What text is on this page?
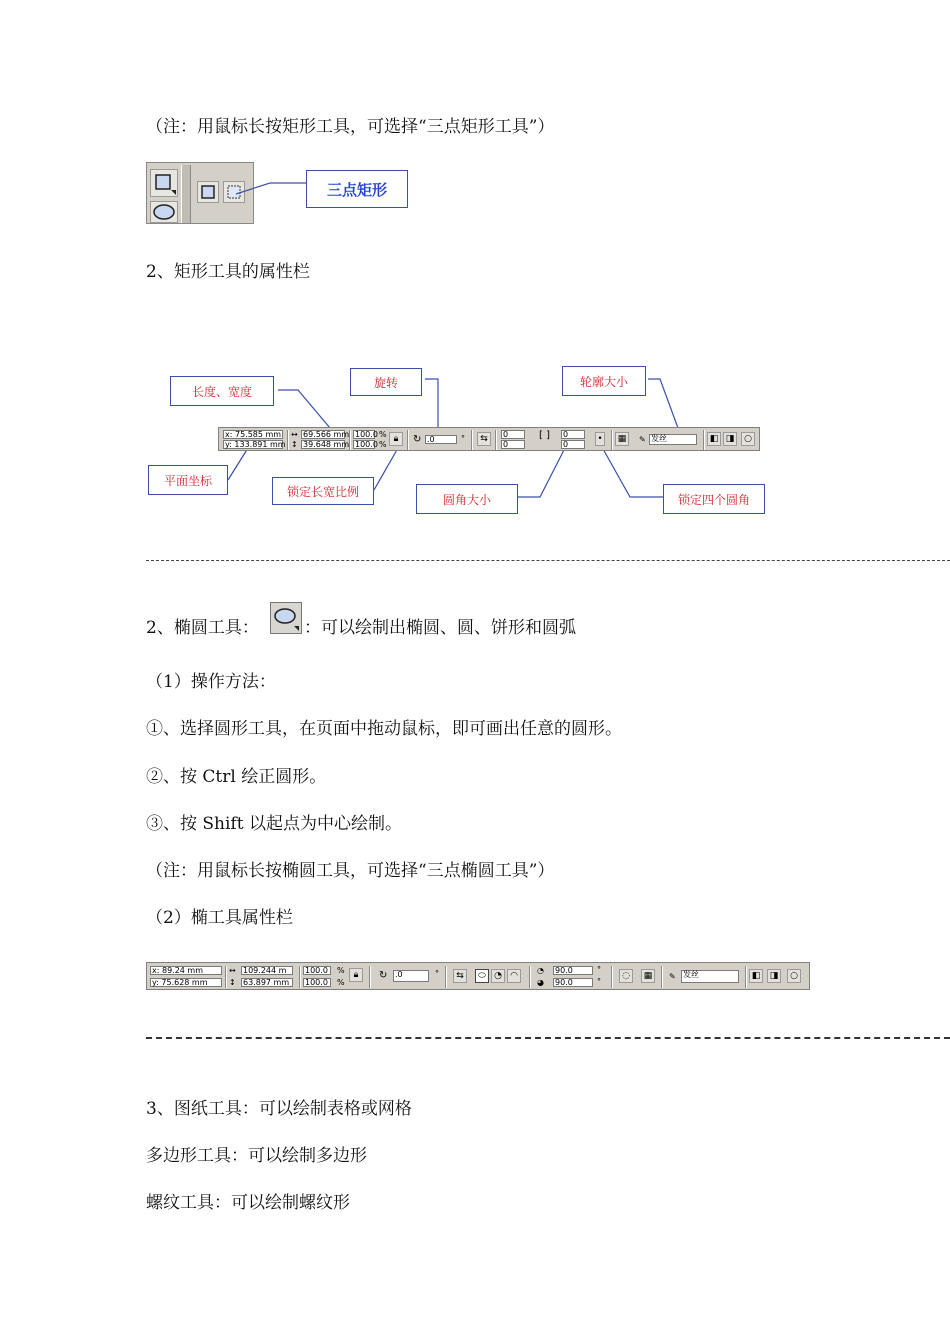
（注：用鼠标长按矩形工具，可选择“三点矩形工具”）
三点矩形
2、矩形工具的属性栏
长度、宽度
旋转	轮廓大小
平面坐标
锁定长宽比例
圆角大小	锁定四个圆角
x: 75.585 mm
y: 133.891 mm
↔
↕
69.566 mm
39.648 mm
100.0
100.0
%
%
🔒︎ ↻ .0	° ⇆ 0
0
[ ] 0
0
• ▦ ✎ 发丝	◧ ◨ ○
2、椭圆工具：	：可以绘制出椭圆、圆、饼形和圆弧
（1）操作方法：
①、选择圆形工具，在页面中拖动鼠标，即可画出任意的圆形。
②、按 Ctrl 绘正圆形。
③、按 Shift 以起点为中心绘制。
（注：用鼠标长按椭圆工具，可选择“三点椭圆工具”）
（2）椭工具属性栏
x: 89.24 mm
y: 75.628 mm
↔
↕
109.244 m
63.897 mm
100.0
100.0
%
%
🔒︎ ↻ .0	° ⇆ ⬭ ◔ ◠
◔
◕
90.0
90.0
°
°
◌ ▦ ✎ 发丝	◧ ◨ ○
3、图纸工具：可以绘制表格或网格
多边形工具：可以绘制多边形
螺纹工具：可以绘制螺纹形
